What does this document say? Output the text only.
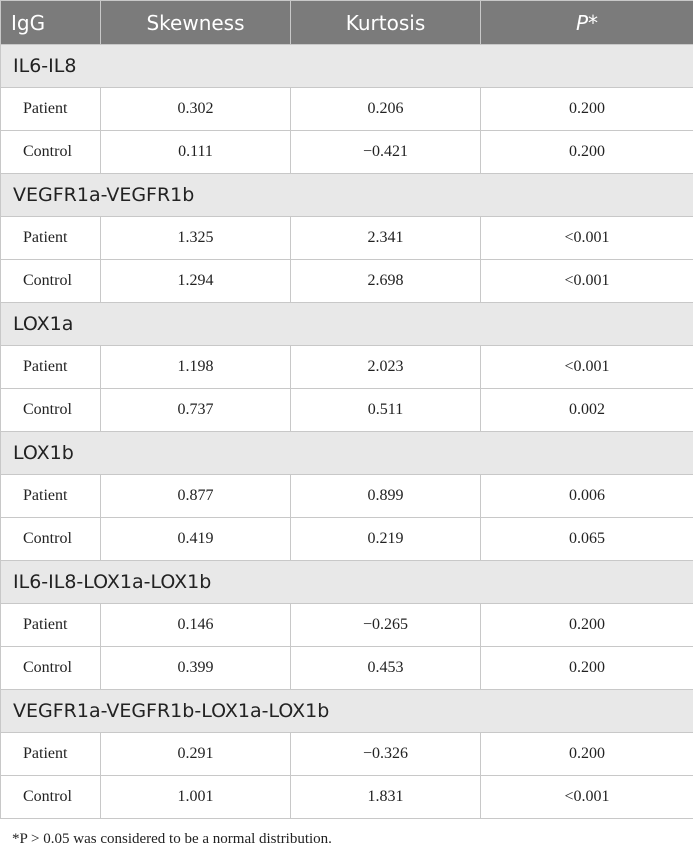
IgG	Skewness	Kurtosis	P*
IL6-IL8			
Patient	0.302	0.206	0.200
Control	0.111	−0.421	0.200
VEGFR1a-VEGFR1b			
Patient	1.325	2.341	<0.001
Control	1.294	2.698	<0.001
LOX1a			
Patient	1.198	2.023	<0.001
Control	0.737	0.511	0.002
LOX1b			
Patient	0.877	0.899	0.006
Control	0.419	0.219	0.065
IL6-IL8-LOX1a-LOX1b			
Patient	0.146	−0.265	0.200
Control	0.399	0.453	0.200
VEGFR1a-VEGFR1b-LOX1a-LOX1b			
Patient	0.291	−0.326	0.200
Control	1.001	1.831	<0.001
*P > 0.05 was considered to be a normal distribution.
